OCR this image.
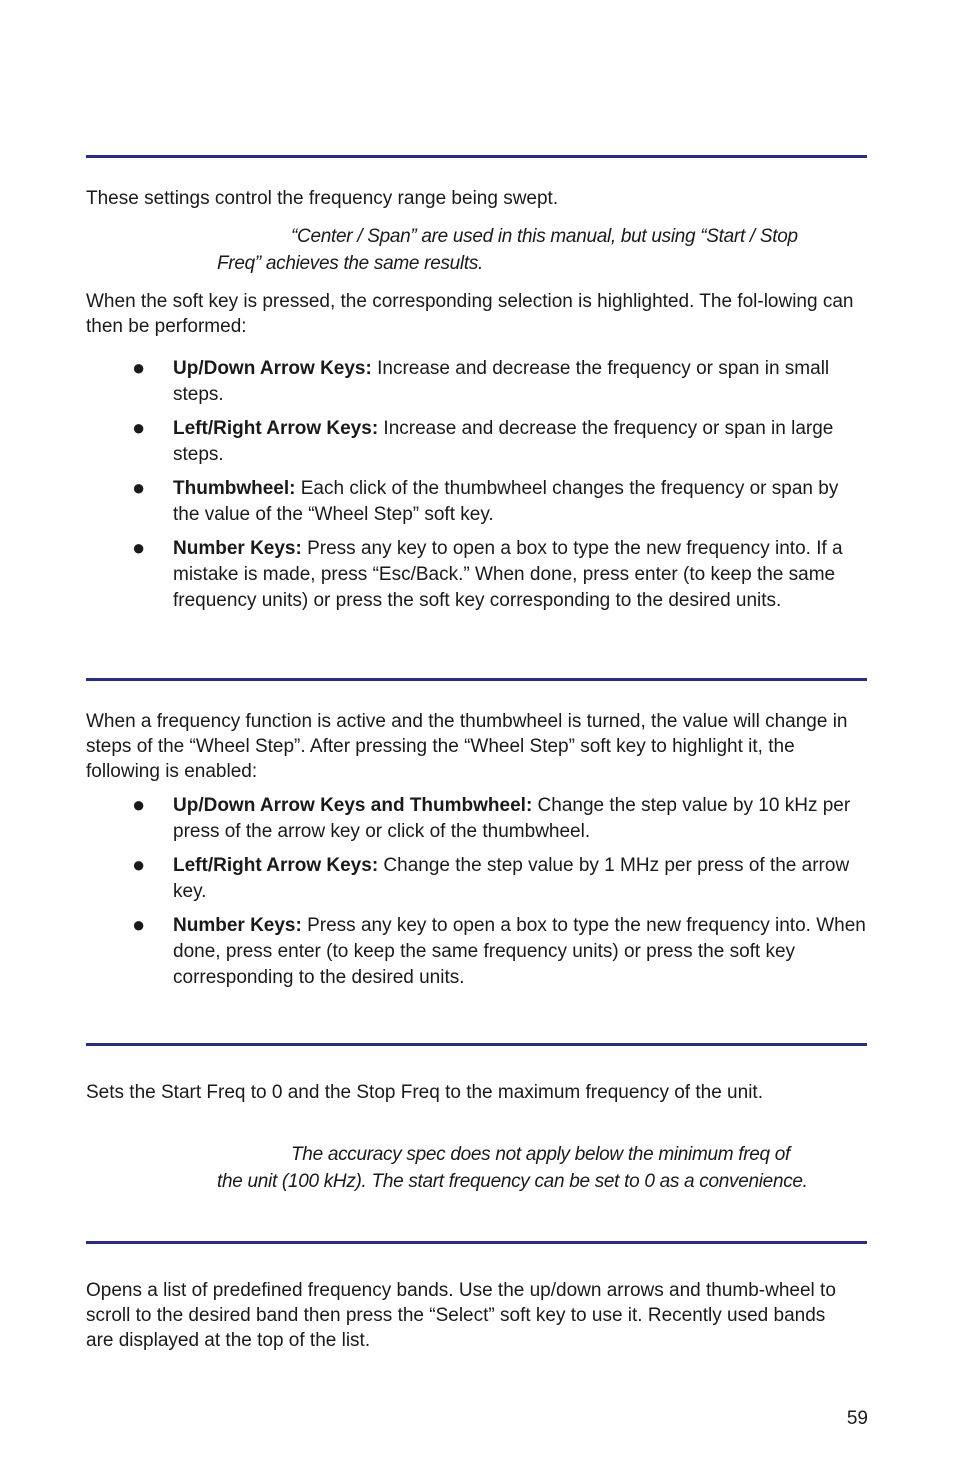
These settings control the frequency range being swept.

“Center / Span” are used in this manual, but using “Start / Stop
Freq” achieves the same results.

When the soft key is pressed, the corresponding selection is highlighted. The fol-lowing can then be performed:

● Up/Down Arrow Keys: Increase and decrease the frequency or span in small steps.
● Left/Right Arrow Keys: Increase and decrease the frequency or span in large steps.
● Thumbwheel: Each click of the thumbwheel changes the frequency or span by the value of the “Wheel Step” soft key.
● Number Keys: Press any key to open a box to type the new frequency into. If a mistake is made, press “Esc/Back.” When done, press enter (to keep the same frequency units) or press the soft key corresponding to the desired units.

When a frequency function is active and the thumbwheel is turned, the value will change in steps of the “Wheel Step”. After pressing the “Wheel Step” soft key to highlight it, the following is enabled:

● Up/Down Arrow Keys and Thumbwheel: Change the step value by 10 kHz per press of the arrow key or click of the thumbwheel.
● Left/Right Arrow Keys: Change the step value by 1 MHz per press of the arrow key.
● Number Keys: Press any key to open a box to type the new frequency into. When done, press enter (to keep the same frequency units) or press the soft key corresponding to the desired units.

Sets the Start Freq to 0 and the Stop Freq to the maximum frequency of the unit.

The accuracy spec does not apply below the minimum freq of
the unit (100 kHz). The start frequency can be set to 0 as a convenience.

Opens a list of predefined frequency bands. Use the up/down arrows and thumb-wheel to scroll to the desired band then press the “Select” soft key to use it. Recently used bands are displayed at the top of the list.

59
